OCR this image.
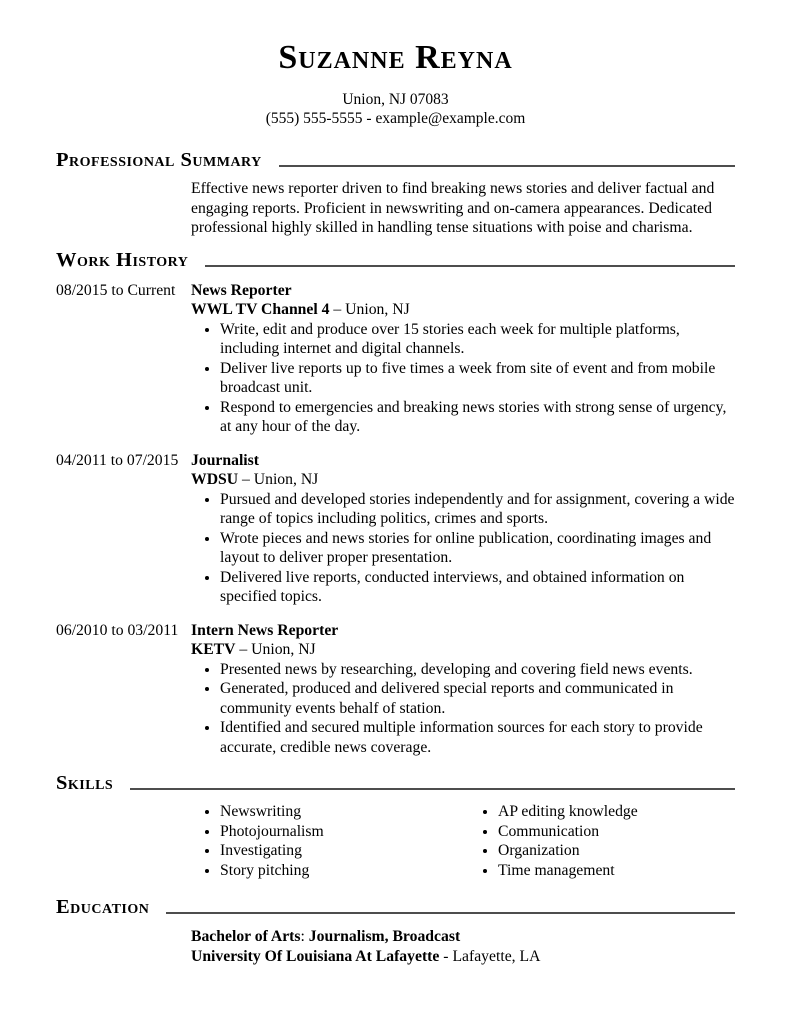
Suzanne Reyna
Union, NJ 07083
(555) 555-5555 - example@example.com
Professional Summary
Effective news reporter driven to find breaking news stories and deliver factual and engaging reports. Proficient in newswriting and on-camera appearances. Dedicated professional highly skilled in handling tense situations with poise and charisma.
Work History
08/2015 to Current News Reporter
WWL TV Channel 4 – Union, NJ
• Write, edit and produce over 15 stories each week for multiple platforms, including internet and digital channels.
• Deliver live reports up to five times a week from site of event and from mobile broadcast unit.
• Respond to emergencies and breaking news stories with strong sense of urgency, at any hour of the day.
04/2011 to 07/2015 Journalist
WDSU – Union, NJ
• Pursued and developed stories independently and for assignment, covering a wide range of topics including politics, crimes and sports.
• Wrote pieces and news stories for online publication, coordinating images and layout to deliver proper presentation.
• Delivered live reports, conducted interviews, and obtained information on specified topics.
06/2010 to 03/2011 Intern News Reporter
KETV – Union, NJ
• Presented news by researching, developing and covering field news events.
• Generated, produced and delivered special reports and communicated in community events behalf of station.
• Identified and secured multiple information sources for each story to provide accurate, credible news coverage.
Skills
• Newswriting
• Photojournalism
• Investigating
• Story pitching
• AP editing knowledge
• Communication
• Organization
• Time management
Education
Bachelor of Arts: Journalism, Broadcast
University Of Louisiana At Lafayette - Lafayette, LA
